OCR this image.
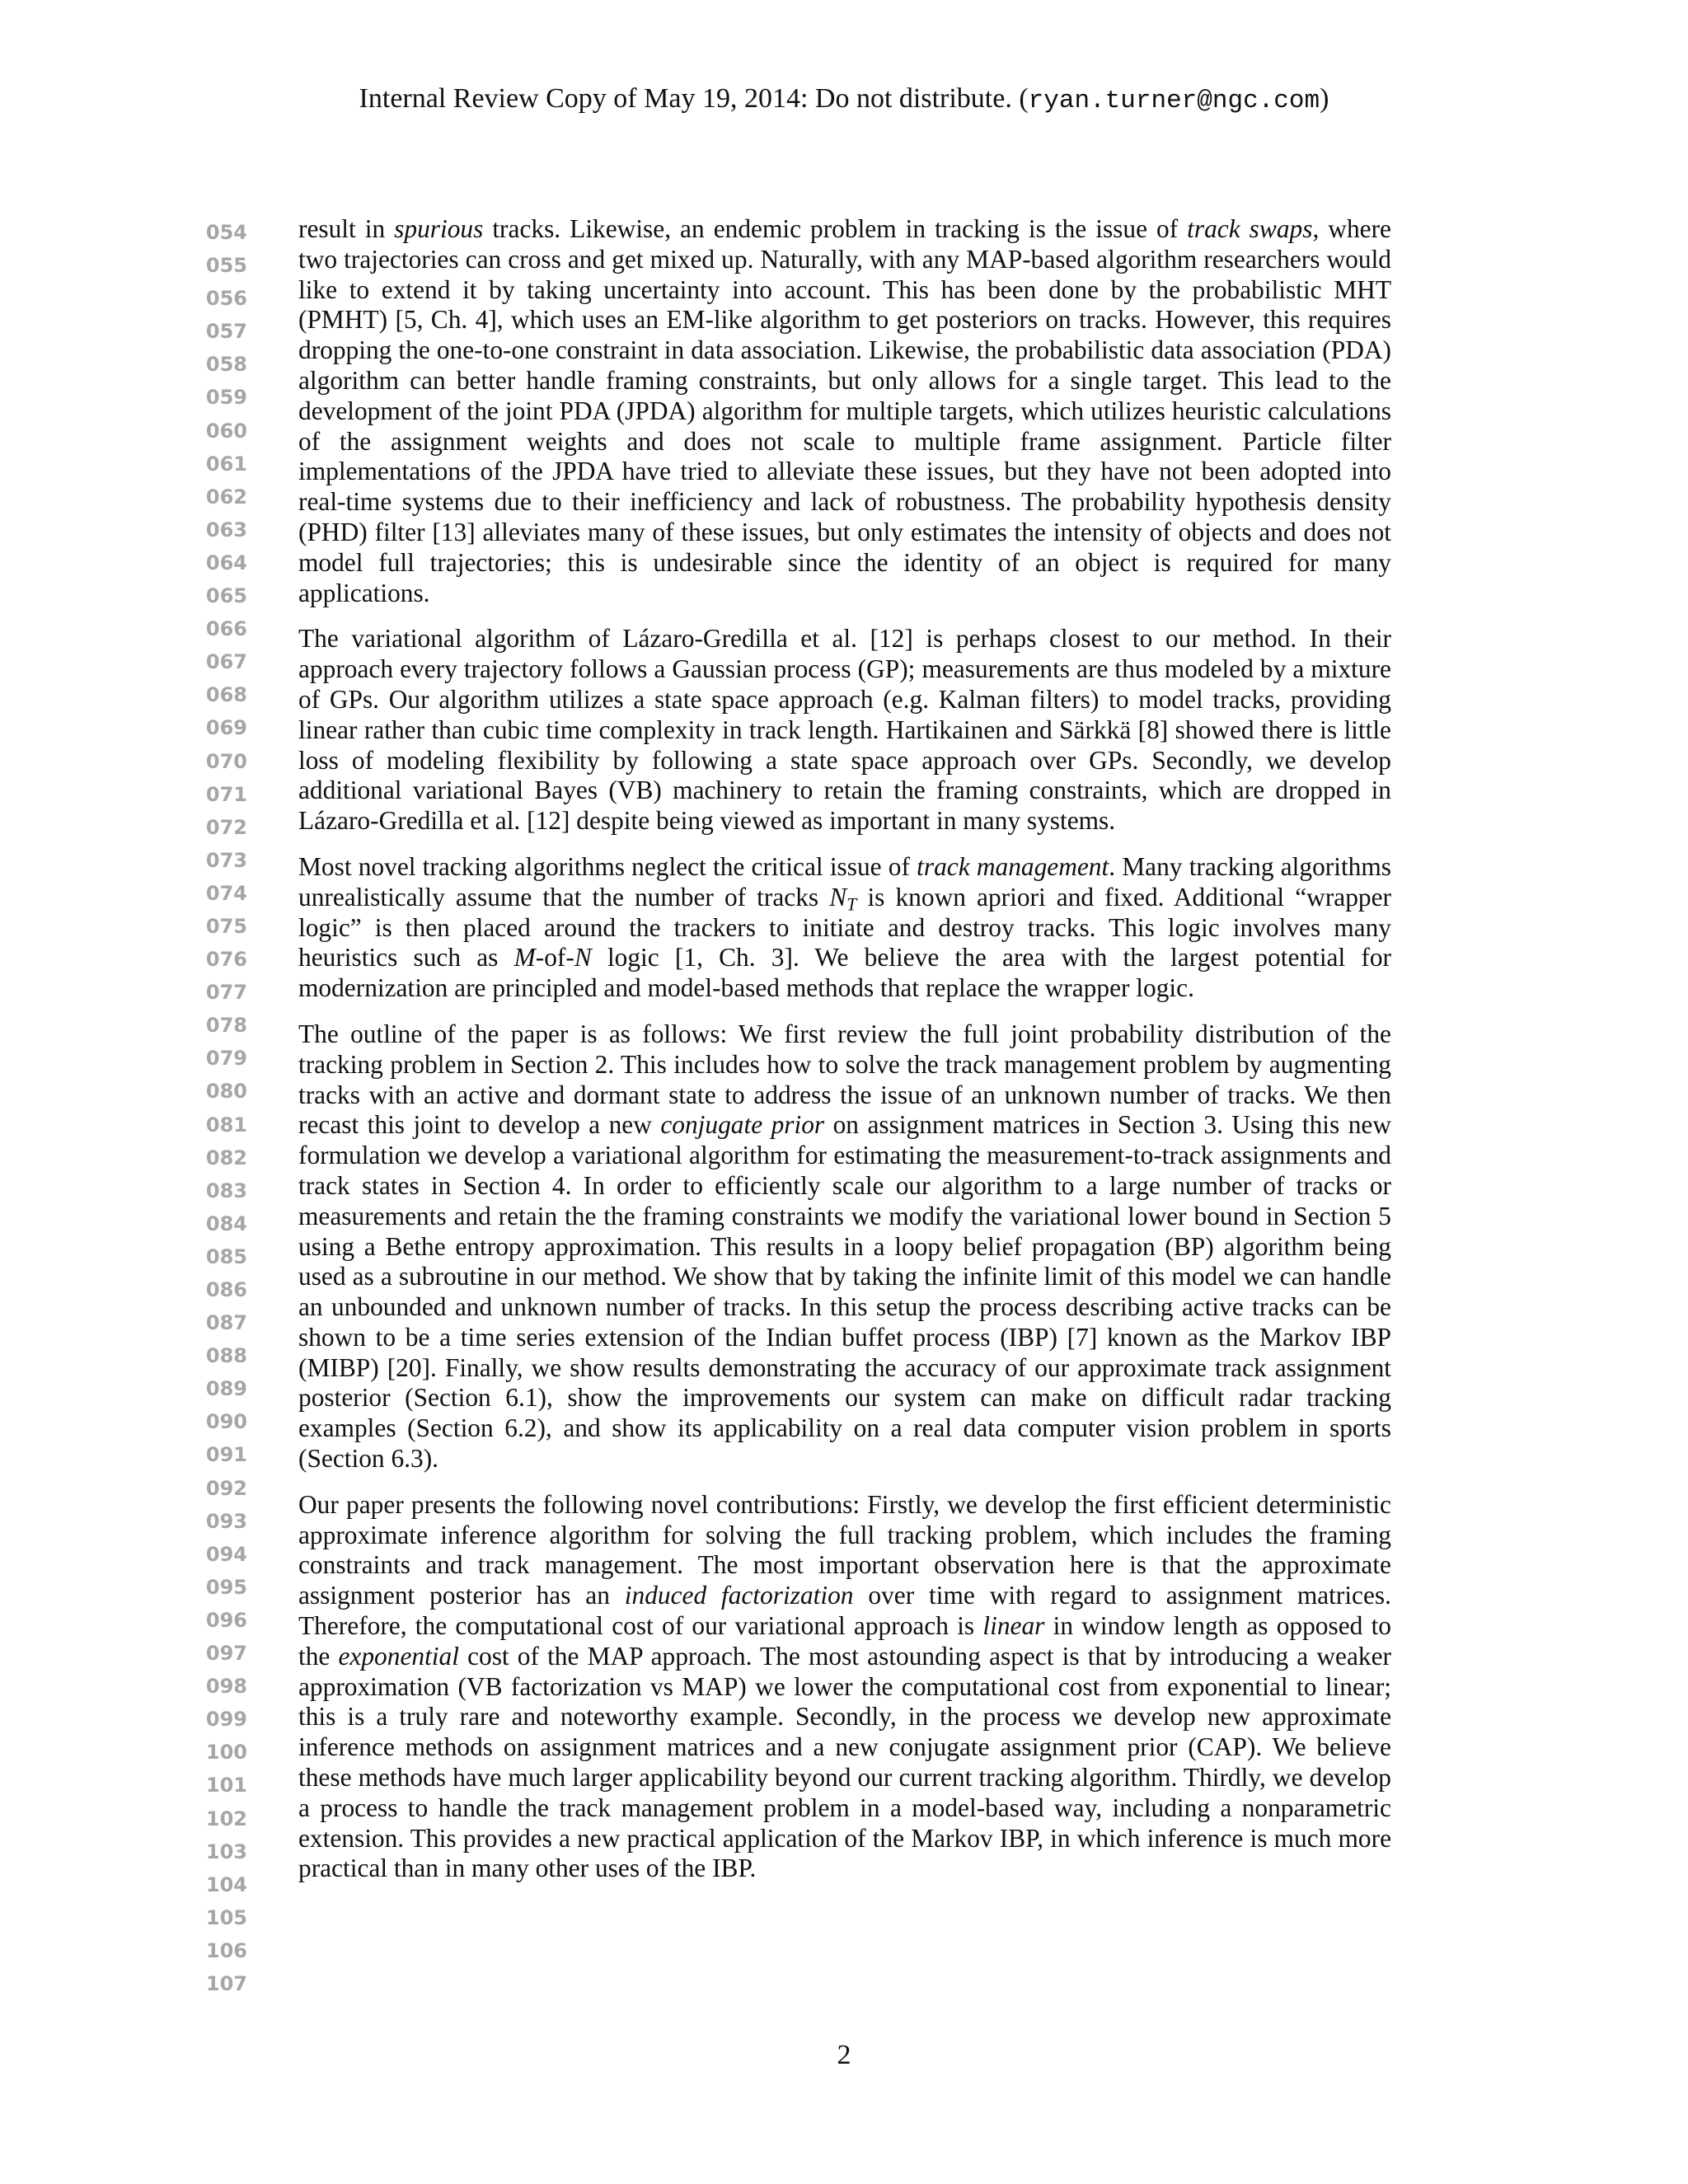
Internal Review Copy of May 19, 2014: Do not distribute. (ryan.turner@ngc.com)
054
055
056
057
058
059
060
061
062
063
064
065
066
067
068
069
070
071
072
073
074
075
076
077
078
079
080
081
082
083
084
085
086
087
088
089
090
091
092
093
094
095
096
097
098
099
100
101
102
103
104
105
106
107

result in spurious tracks. Likewise, an endemic problem in tracking is the issue of track swaps, where two trajectories can cross and get mixed up. Naturally, with any MAP-based algorithm researchers would like to extend it by taking uncertainty into account. This has been done by the probabilistic MHT (PMHT) [5, Ch. 4], which uses an EM-like algorithm to get posteriors on tracks. However, this requires dropping the one-to-one constraint in data association. Likewise, the probabilistic data association (PDA) algorithm can better handle framing constraints, but only allows for a single target. This lead to the development of the joint PDA (JPDA) algorithm for multiple targets, which utilizes heuristic calculations of the assignment weights and does not scale to multiple frame assignment. Particle filter implementations of the JPDA have tried to alleviate these issues, but they have not been adopted into real-time systems due to their inefficiency and lack of robustness. The probability hypothesis density (PHD) filter [13] alleviates many of these issues, but only estimates the intensity of objects and does not model full trajectories; this is undesirable since the identity of an object is required for many applications.

The variational algorithm of Lázaro-Gredilla et al. [12] is perhaps closest to our method. In their approach every trajectory follows a Gaussian process (GP); measurements are thus modeled by a mixture of GPs. Our algorithm utilizes a state space approach (e.g. Kalman filters) to model tracks, providing linear rather than cubic time complexity in track length. Hartikainen and Särkkä [8] showed there is little loss of modeling flexibility by following a state space approach over GPs. Secondly, we develop additional variational Bayes (VB) machinery to retain the framing constraints, which are dropped in Lázaro-Gredilla et al. [12] despite being viewed as important in many systems.

Most novel tracking algorithms neglect the critical issue of track management. Many tracking algorithms unrealistically assume that the number of tracks $N_T$ is known apriori and fixed. Additional “wrapper logic” is then placed around the trackers to initiate and destroy tracks. This logic involves many heuristics such as M-of-N logic [1, Ch. 3]. We believe the area with the largest potential for modernization are principled and model-based methods that replace the wrapper logic.

The outline of the paper is as follows: We first review the full joint probability distribution of the tracking problem in Section 2. This includes how to solve the track management problem by augmenting tracks with an active and dormant state to address the issue of an unknown number of tracks. We then recast this joint to develop a new conjugate prior on assignment matrices in Section 3. Using this new formulation we develop a variational algorithm for estimating the measurement-to-track assignments and track states in Section 4. In order to efficiently scale our algorithm to a large number of tracks or measurements and retain the the framing constraints we modify the variational lower bound in Section 5 using a Bethe entropy approximation. This results in a loopy belief propagation (BP) algorithm being used as a subroutine in our method. We show that by taking the infinite limit of this model we can handle an unbounded and unknown number of tracks. In this setup the process describing active tracks can be shown to be a time series extension of the Indian buffet process (IBP) [7] known as the Markov IBP (MIBP) [20]. Finally, we show results demonstrating the accuracy of our approximate track assignment posterior (Section 6.1), show the improvements our system can make on difficult radar tracking examples (Section 6.2), and show its applicability on a real data computer vision problem in sports (Section 6.3).

Our paper presents the following novel contributions: Firstly, we develop the first efficient deterministic approximate inference algorithm for solving the full tracking problem, which includes the framing constraints and track management. The most important observation here is that the approximate assignment posterior has an induced factorization over time with regard to assignment matrices. Therefore, the computational cost of our variational approach is linear in window length as opposed to the exponential cost of the MAP approach. The most astounding aspect is that by introducing a weaker approximation (VB factorization vs MAP) we lower the computational cost from exponential to linear; this is a truly rare and noteworthy example. Secondly, in the process we develop new approximate inference methods on assignment matrices and a new conjugate assignment prior (CAP). We believe these methods have much larger applicability beyond our current tracking algorithm. Thirdly, we develop a process to handle the track management problem in a model-based way, including a nonparametric extension. This provides a new practical application of the Markov IBP, in which inference is much more practical than in many other uses of the IBP.

2
